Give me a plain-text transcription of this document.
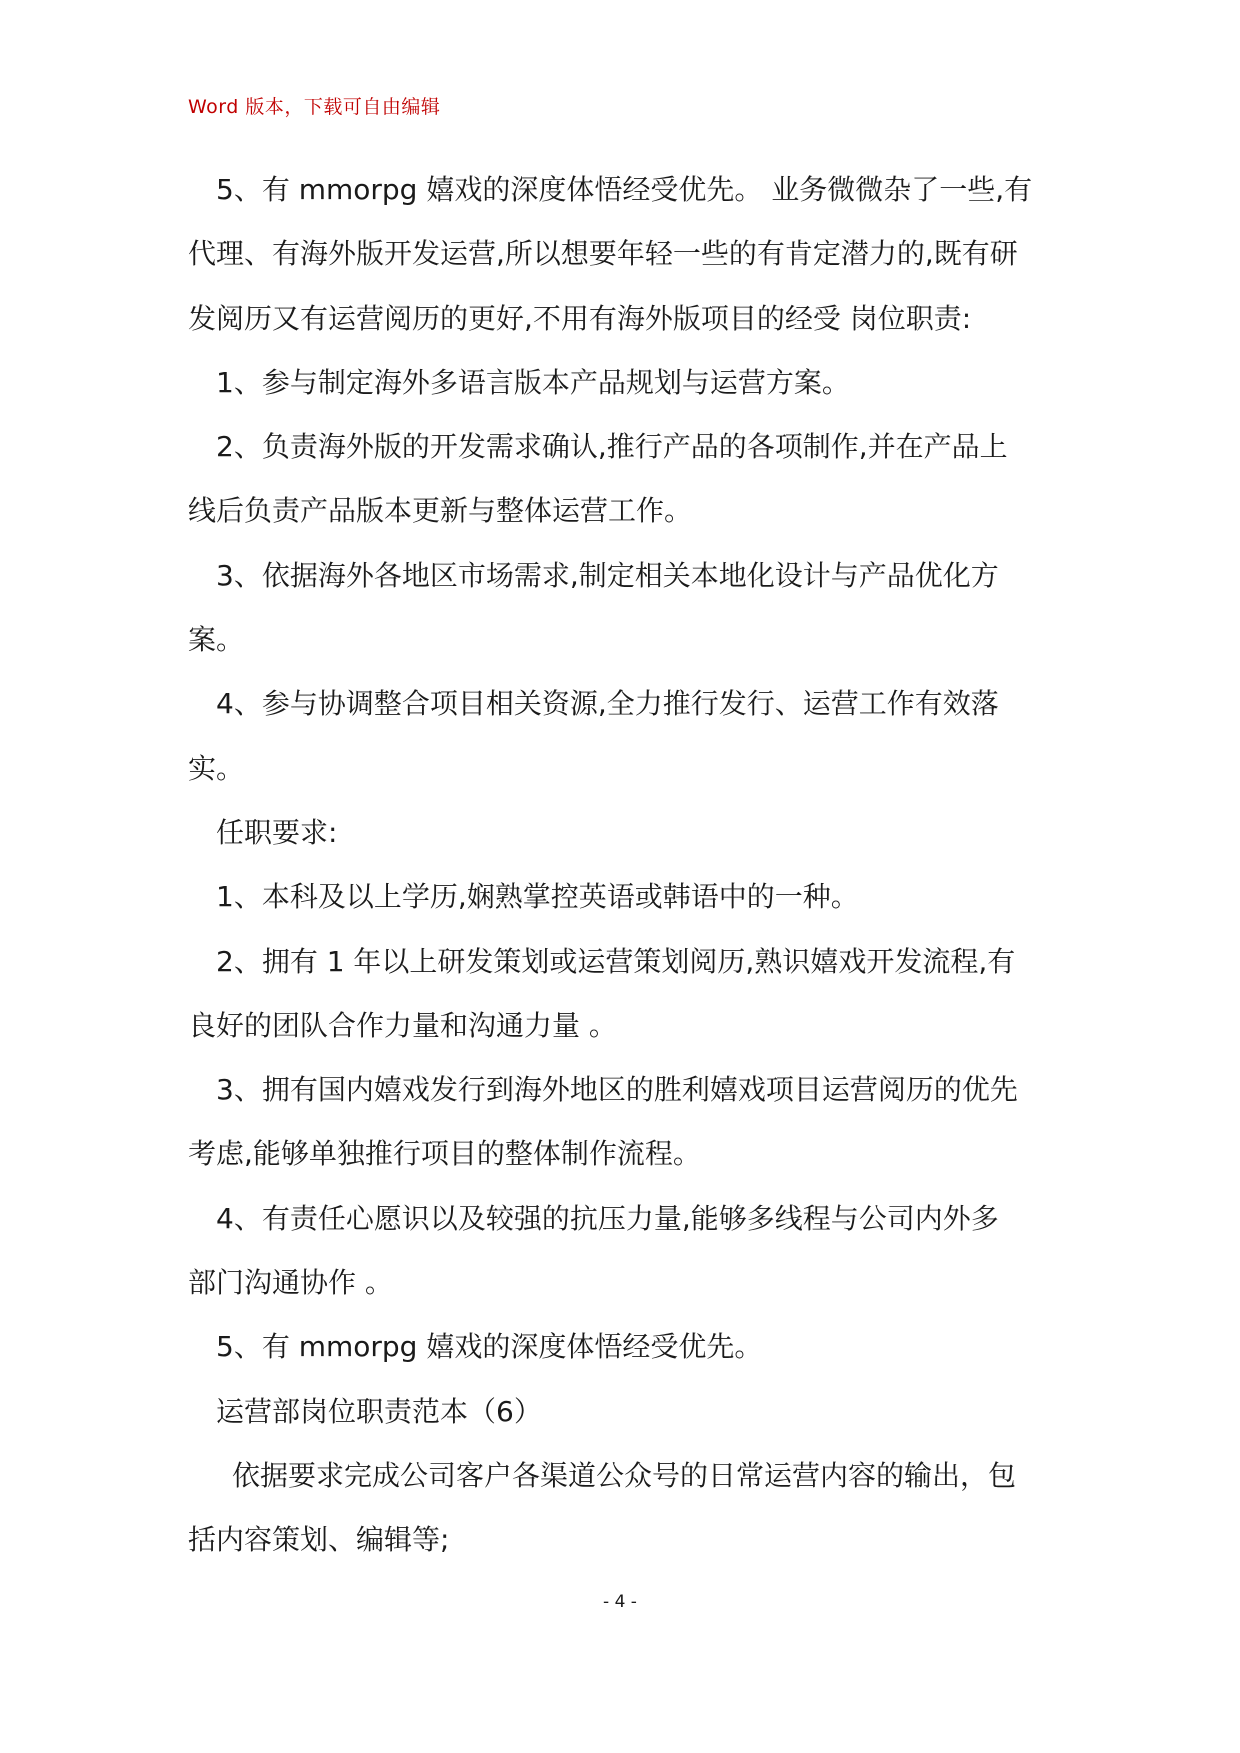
Word 版本，下载可自由编辑
5、有 mmorpg 嬉戏的深度体悟经受优先。 业务微微杂了一些,有
代理、有海外版开发运营,所以想要年轻一些的有肯定潜力的,既有研
发阅历又有运营阅历的更好,不用有海外版项目的经受 岗位职责:
1、参与制定海外多语言版本产品规划与运营方案。
2、负责海外版的开发需求确认,推行产品的各项制作,并在产品上
线后负责产品版本更新与整体运营工作。
3、依据海外各地区市场需求,制定相关本地化设计与产品优化方
案。
4、参与协调整合项目相关资源,全力推行发行、运营工作有效落
实。
任职要求:
1、本科及以上学历,娴熟掌控英语或韩语中的一种。
2、拥有 1 年以上研发策划或运营策划阅历,熟识嬉戏开发流程,有
良好的团队合作力量和沟通力量 。
3、拥有国内嬉戏发行到海外地区的胜利嬉戏项目运营阅历的优先
考虑,能够单独推行项目的整体制作流程。
4、有责任心愿识以及较强的抗压力量,能够多线程与公司内外多
部门沟通协作 。
5、有 mmorpg 嬉戏的深度体悟经受优先。
运营部岗位职责范本（6）
依据要求完成公司客户各渠道公众号的日常运营内容的输出，包
括内容策划、编辑等;
- 4 -
